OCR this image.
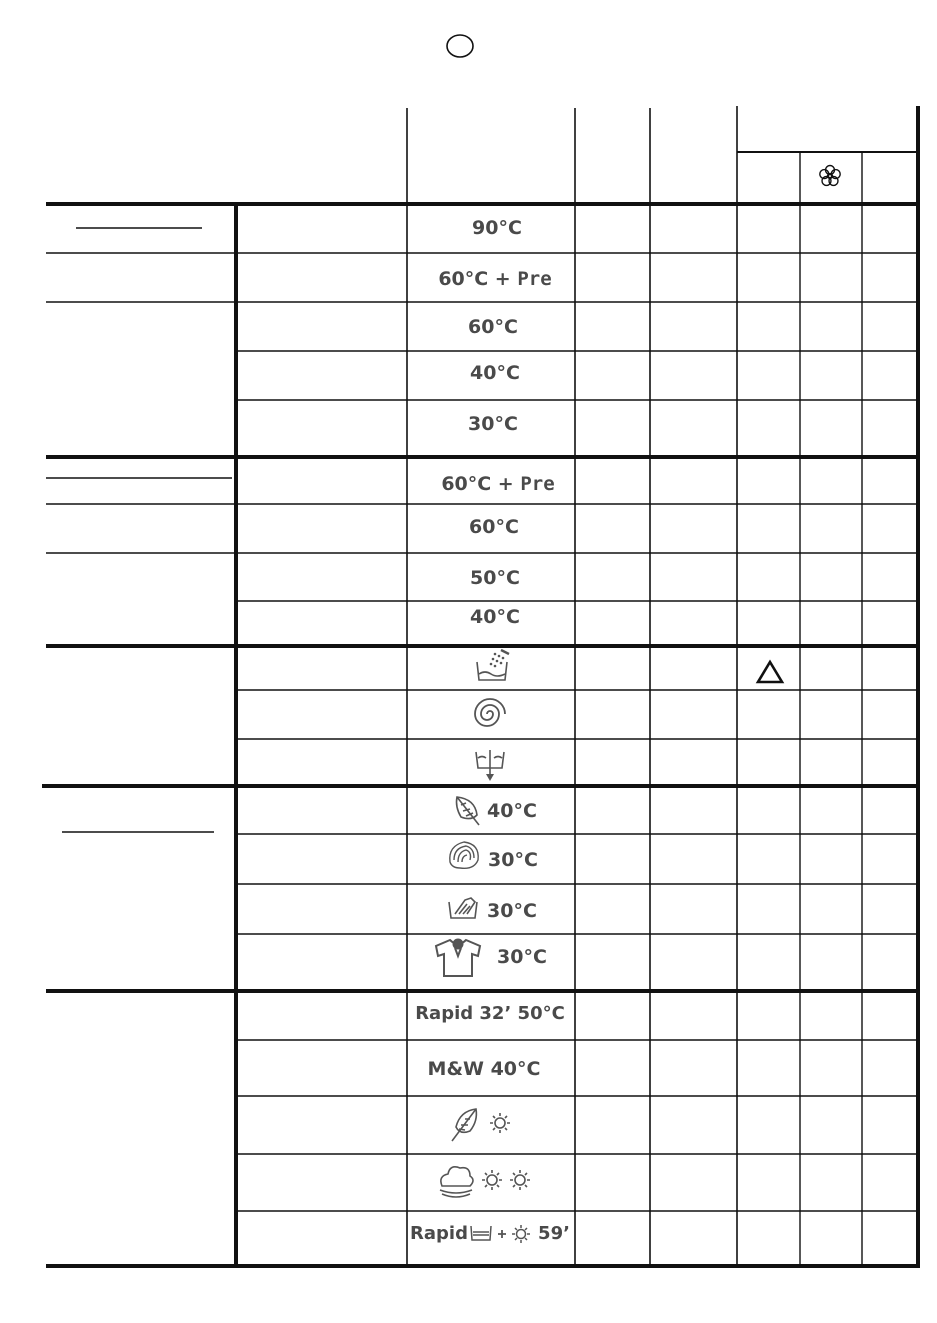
90°C
60°C + Pre
60°C
40°C
30°C
60°C + Pre
60°C
50°C
40°C
40°C
30°C
30°C
30°C
Rapid 32’ 50°C
M&W 40°C
Rapid	59’
